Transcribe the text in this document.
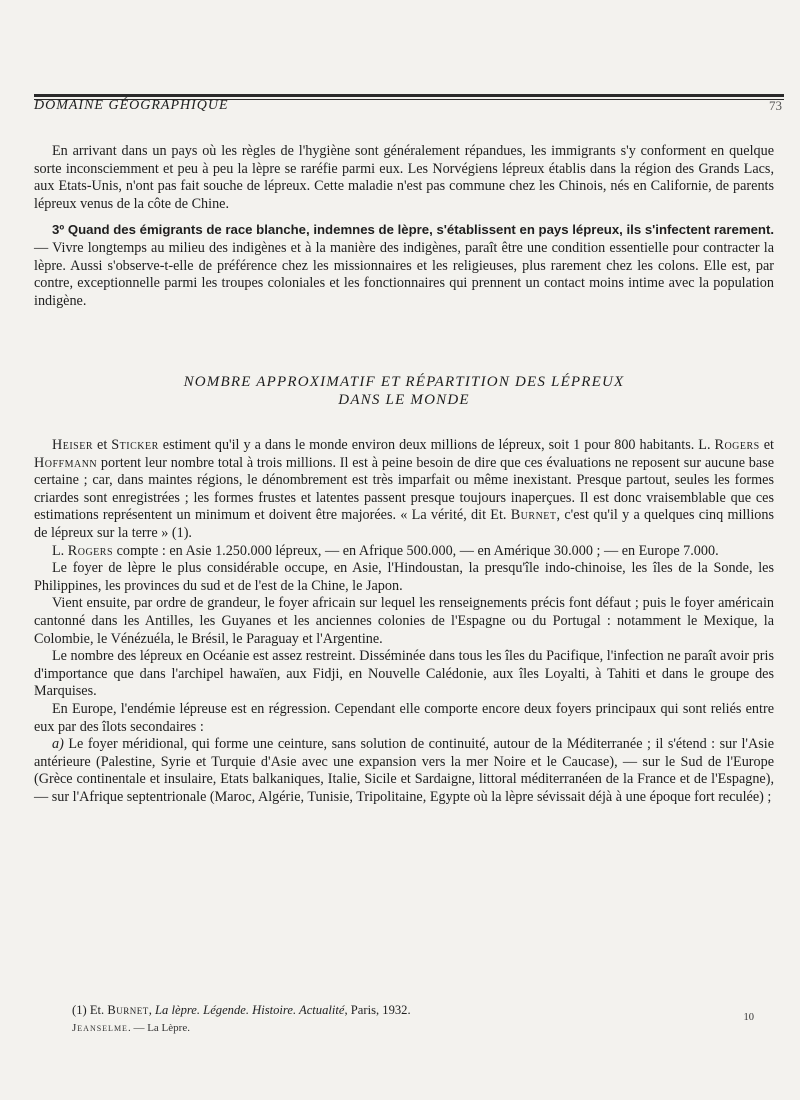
DOMAINE GÉOGRAPHIQUE	73

En arrivant dans un pays où les règles de l'hygiène sont généralement répandues, les immigrants s'y conforment en quelque sorte inconsciemment et peu à peu la lèpre se raréfie parmi eux. Les Norvégiens lépreux établis dans la région des Grands Lacs, aux Etats-Unis, n'ont pas fait souche de lépreux. Cette maladie n'est pas commune chez les Chinois, nés en Californie, de parents lépreux venus de la côte de Chine.

3º Quand des émigrants de race blanche, indemnes de lèpre, s'établissent en pays lépreux, ils s'infectent rarement. — Vivre longtemps au milieu des indigènes et à la manière des indigènes, paraît être une condition essentielle pour contracter la lèpre. Aussi s'observe-t-elle de préférence chez les missionnaires et les religieuses, plus rarement chez les colons. Elle est, par contre, exceptionnelle parmi les troupes coloniales et les fonctionnaires qui prennent un contact moins intime avec la population indigène.

NOMBRE APPROXIMATIF ET RÉPARTITION DES LÉPREUX
DANS LE MONDE

Heiser et Sticker estiment qu'il y a dans le monde environ deux millions de lépreux, soit 1 pour 800 habitants. L. Rogers et Hoffmann portent leur nombre total à trois millions. Il est à peine besoin de dire que ces évaluations ne reposent sur aucune base certaine ; car, dans maintes régions, le dénombrement est très imparfait ou même inexistant. Presque partout, seules les formes criardes sont enregistrées ; les formes frustes et latentes passent presque toujours inaperçues. Il est donc vraisemblable que ces estimations représentent un minimum et doivent être majorées. « La vérité, dit Et. Burnet, c'est qu'il y a quelques cinq millions de lépreux sur la terre » (1).

L. Rogers compte : en Asie 1.250.000 lépreux, — en Afrique 500.000, — en Amérique 30.000 ; — en Europe 7.000.

Le foyer de lèpre le plus considérable occupe, en Asie, l'Hindoustan, la presqu'île indo-chinoise, les îles de la Sonde, les Philippines, les provinces du sud et de l'est de la Chine, le Japon.

Vient ensuite, par ordre de grandeur, le foyer africain sur lequel les renseignements précis font défaut ; puis le foyer américain cantonné dans les Antilles, les Guyanes et les anciennes colonies de l'Espagne ou du Portugal : notamment le Mexique, la Colombie, le Vénézuéla, le Brésil, le Paraguay et l'Argentine.

Le nombre des lépreux en Océanie est assez restreint. Disséminée dans tous les îles du Pacifique, l'infection ne paraît avoir pris d'importance que dans l'archipel hawaïen, aux Fidji, en Nouvelle Calédonie, aux îles Loyalti, à Tahiti et dans le groupe des Marquises.

En Europe, l'endémie lépreuse est en régression. Cependant elle comporte encore deux foyers principaux qui sont reliés entre eux par des îlots secondaires :

a) Le foyer méridional, qui forme une ceinture, sans solution de continuité, autour de la Méditerranée ; il s'étend : sur l'Asie antérieure (Palestine, Syrie et Turquie d'Asie avec une expansion vers la mer Noire et le Caucase), — sur le Sud de l'Europe (Grèce continentale et insulaire, Etats balkaniques, Italie, Sicile et Sardaigne, littoral méditerranéen de la France et de l'Espagne), — sur l'Afrique septentrionale (Maroc, Algérie, Tunisie, Tripolitaine, Egypte où la lèpre sévissait déjà à une époque fort reculée) ;

(1) Et. Burnet, La lèpre. Légende. Histoire. Actualité, Paris, 1932.
Jeanselme. — La Lèpre.
10
